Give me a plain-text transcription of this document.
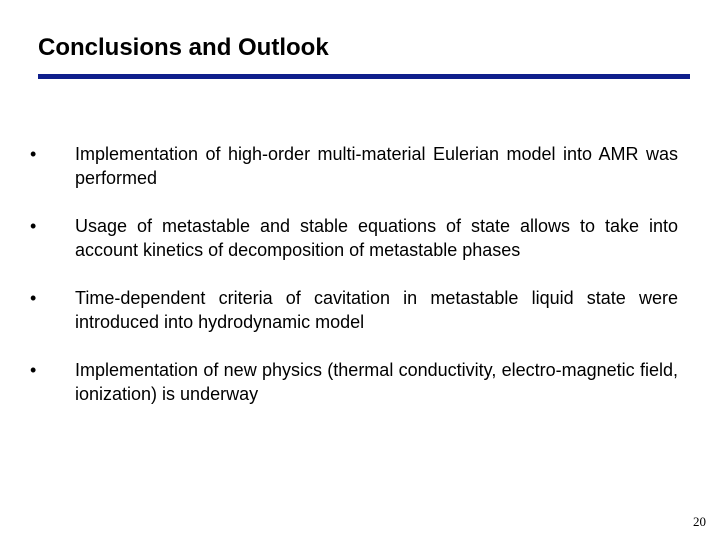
Conclusions and Outlook
•	Implementation of high-order multi-material Eulerian model into AMR was performed
•	Usage of metastable and stable equations of state allows to take into account kinetics of decomposition of metastable phases
•	Time-dependent criteria of cavitation in metastable liquid state were introduced into hydrodynamic model
•	Implementation of new physics (thermal conductivity, electro-magnetic field, ionization) is underway
20
